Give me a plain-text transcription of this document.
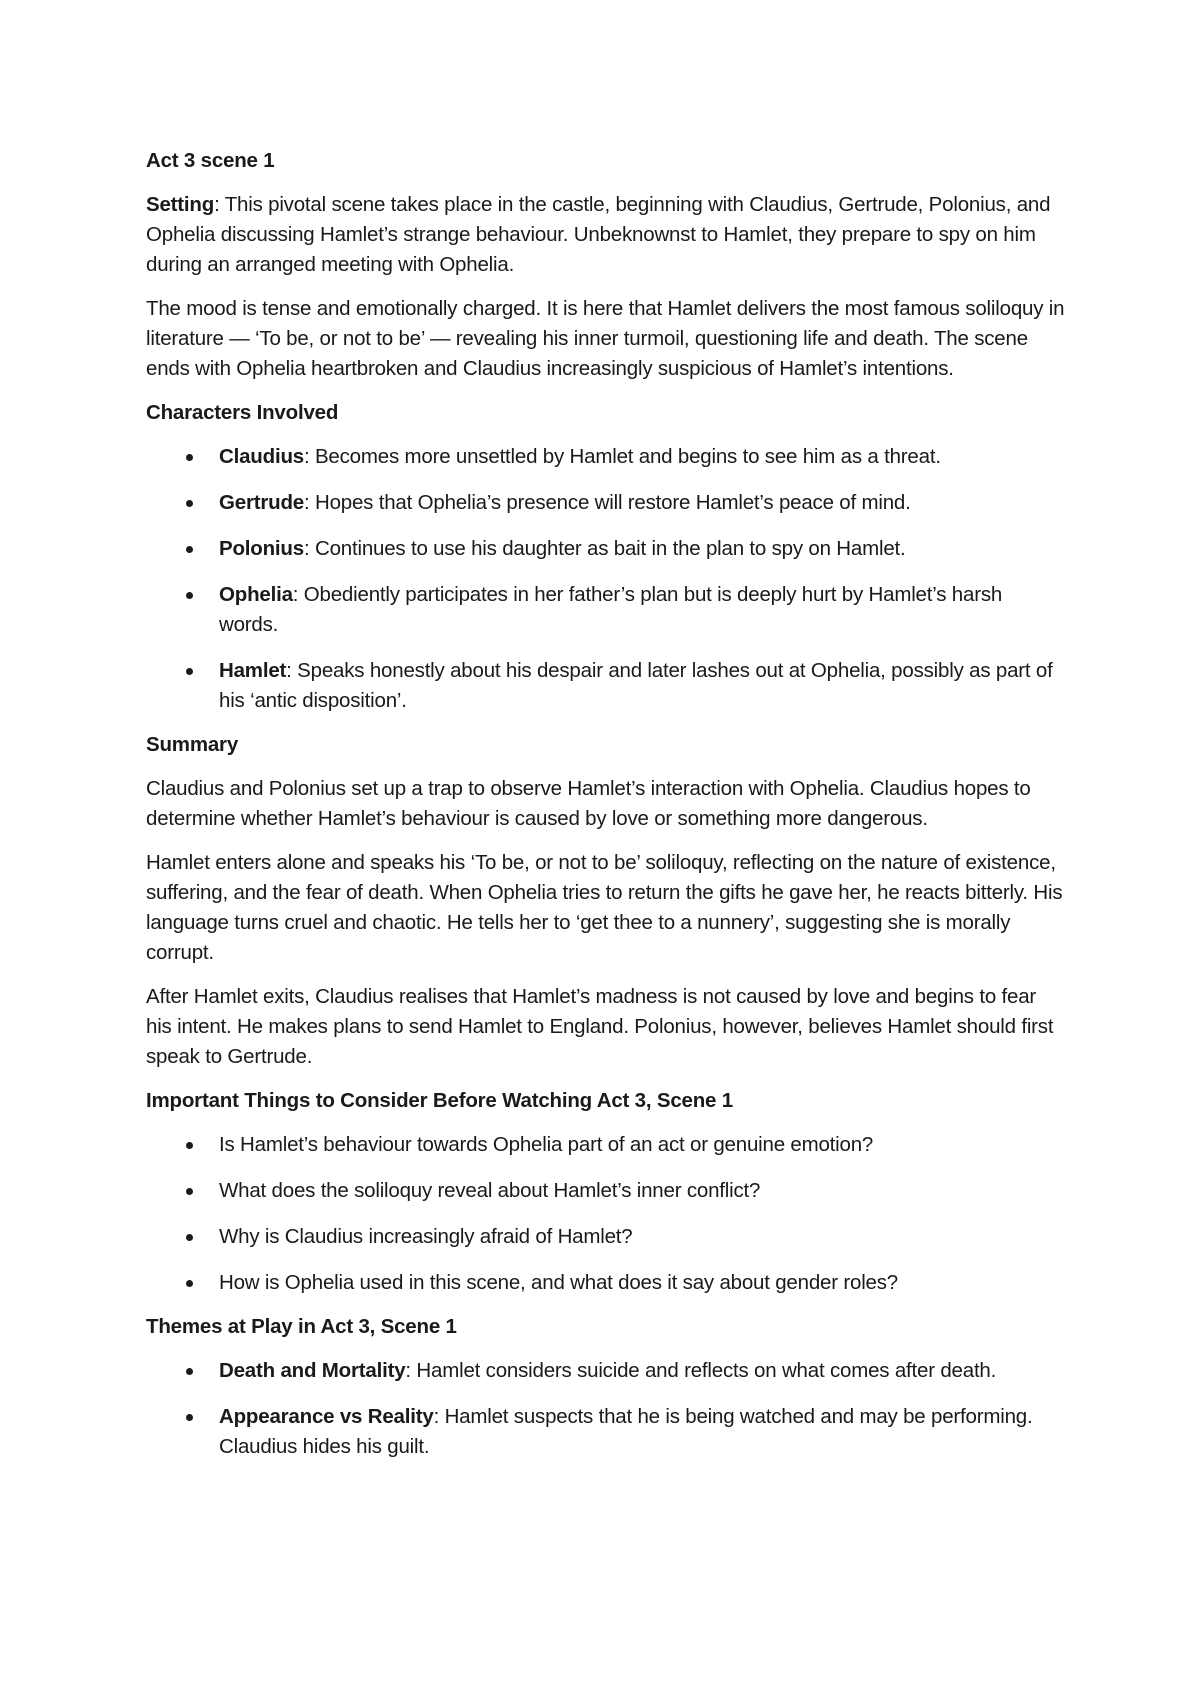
Act 3 scene 1

Setting: This pivotal scene takes place in the castle, beginning with Claudius, Gertrude, Polonius, and Ophelia discussing Hamlet’s strange behaviour. Unbeknownst to Hamlet, they prepare to spy on him during an arranged meeting with Ophelia.

The mood is tense and emotionally charged. It is here that Hamlet delivers the most famous soliloquy in literature — ‘To be, or not to be’ — revealing his inner turmoil, questioning life and death. The scene ends with Ophelia heartbroken and Claudius increasingly suspicious of Hamlet’s intentions.

Characters Involved
Claudius: Becomes more unsettled by Hamlet and begins to see him as a threat.
Gertrude: Hopes that Ophelia’s presence will restore Hamlet’s peace of mind.
Polonius: Continues to use his daughter as bait in the plan to spy on Hamlet.
Ophelia: Obediently participates in her father’s plan but is deeply hurt by Hamlet’s harsh words.
Hamlet: Speaks honestly about his despair and later lashes out at Ophelia, possibly as part of his ‘antic disposition’.
Summary

Claudius and Polonius set up a trap to observe Hamlet’s interaction with Ophelia. Claudius hopes to determine whether Hamlet’s behaviour is caused by love or something more dangerous.

Hamlet enters alone and speaks his ‘To be, or not to be’ soliloquy, reflecting on the nature of existence, suffering, and the fear of death. When Ophelia tries to return the gifts he gave her, he reacts bitterly. His language turns cruel and chaotic. He tells her to ‘get thee to a nunnery’, suggesting she is morally corrupt.

After Hamlet exits, Claudius realises that Hamlet’s madness is not caused by love and begins to fear his intent. He makes plans to send Hamlet to England. Polonius, however, believes Hamlet should first speak to Gertrude.

Important Things to Consider Before Watching Act 3, Scene 1
Is Hamlet’s behaviour towards Ophelia part of an act or genuine emotion?
What does the soliloquy reveal about Hamlet’s inner conflict?
Why is Claudius increasingly afraid of Hamlet?
How is Ophelia used in this scene, and what does it say about gender roles?
Themes at Play in Act 3, Scene 1
Death and Mortality: Hamlet considers suicide and reflects on what comes after death.
Appearance vs Reality: Hamlet suspects that he is being watched and may be performing. Claudius hides his guilt.
